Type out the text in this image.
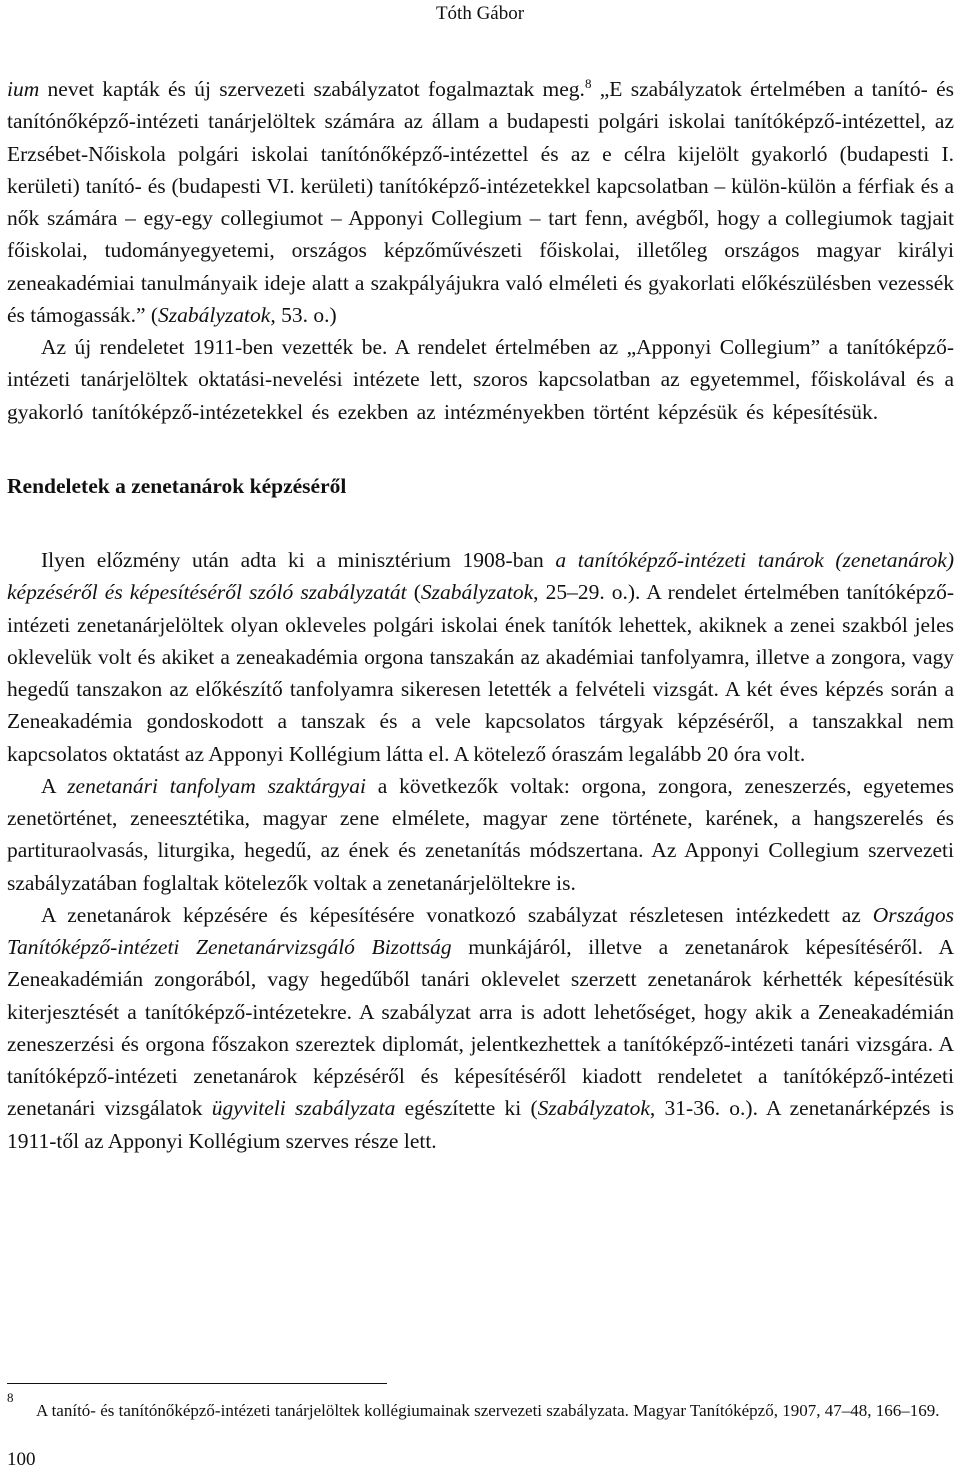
Tóth Gábor

ium nevet kapták és új szervezeti szabályzatot fogalmaztak meg.$^8$ „E szabályzatok értelmében a tanító- és tanítónőképző-intézeti tanárjelöltek számára az állam a budapesti polgári iskolai tanítóképző-intézettel, az Erzsébet-Nőiskola polgári iskolai tanítónőképző-intézettel és az e célra kijelölt gyakorló (budapesti I. kerületi) tanító- és (budapesti VI. kerületi) tanítóképző-intézetekkel kapcsolatban – külön-külön a férfiak és a nők számára – egy-egy collegiumot – Apponyi Collegium – tart fenn, avégből, hogy a collegiumok tagjait főiskolai, tudományegyetemi, országos képzőművészeti főiskolai, illetőleg országos magyar királyi zeneakadémiai tanulmányaik ideje alatt a szakpályájukra való elméleti és gyakorlati előkészülésben vezessék és támogassák.” (Szabályzatok, 53. o.)

Az új rendeletet 1911-ben vezették be. A rendelet értelmében az „Apponyi Collegium” a tanítóképző-intézeti tanárjelöltek oktatási-nevelési intézete lett, szoros kapcsolatban az egyetemmel, főiskolával és a gyakorló tanítóképző-intézetekkel és ezekben az intézményekben történt képzésük és képesítésük.

Rendeletek a zenetanárok képzéséről

Ilyen előzmény után adta ki a minisztérium 1908-ban a tanítóképző-intézeti tanárok (zenetanárok) képzéséről és képesítéséről szóló szabályzatát (Szabályzatok, 25–29. o.). A rendelet értelmében tanítóképző-intézeti zenetanárjelöltek olyan okleveles polgári iskolai ének tanítók lehettek, akiknek a zenei szakból jeles oklevelük volt és akiket a zeneakadémia orgona tanszakán az akadémiai tanfolyamra, illetve a zongora, vagy hegedű tanszakon az előkészítő tanfolyamra sikeresen letették a felvételi vizsgát. A két éves képzés során a Zeneakadémia gondoskodott a tanszak és a vele kapcsolatos tárgyak képzéséről, a tanszakkal nem kapcsolatos oktatást az Apponyi Kollégium látta el. A kötelező óraszám legalább 20 óra volt.

A zenetanári tanfolyam szaktárgyai a következők voltak: orgona, zongora, zeneszerzés, egyetemes zenetörténet, zeneesztétika, magyar zene elmélete, magyar zene története, karének, a hangszerelés és partituraolvasás, liturgika, hegedű, az ének és zenetanítás módszertana. Az Apponyi Collegium szervezeti szabályzatában foglaltak kötelezők voltak a zenetanárjelöltekre is.

A zenetanárok képzésére és képesítésére vonatkozó szabályzat részletesen intézkedett az Országos Tanítóképző-intézeti Zenetanárvizsgáló Bizottság munkájáról, illetve a zenetanárok képesítéséről. A Zeneakadémián zongorából, vagy hegedűből tanári oklevelet szerzett zenetanárok kérhették képesítésük kiterjesztését a tanítóképző-intézetekre. A szabályzat arra is adott lehetőséget, hogy akik a Zeneakadémián zeneszerzési és orgona főszakon szereztek diplomát, jelentkezhettek a tanítóképző-intézeti tanári vizsgára. A tanítóképző-intézeti zenetanárok képzéséről és képesítéséről kiadott rendeletet a tanítóképző-intézeti zenetanári vizsgálatok ügyviteli szabályzata egészítette ki (Szabályzatok, 31-36. o.). A zenetanárképzés is 1911-től az Apponyi Kollégium szerves része lett.

8
A tanító- és tanítónőképző-intézeti tanárjelöltek kollégiumainak szervezeti szabályzata. Magyar Tanítóképző, 1907, 47–48, 166–169.
100
